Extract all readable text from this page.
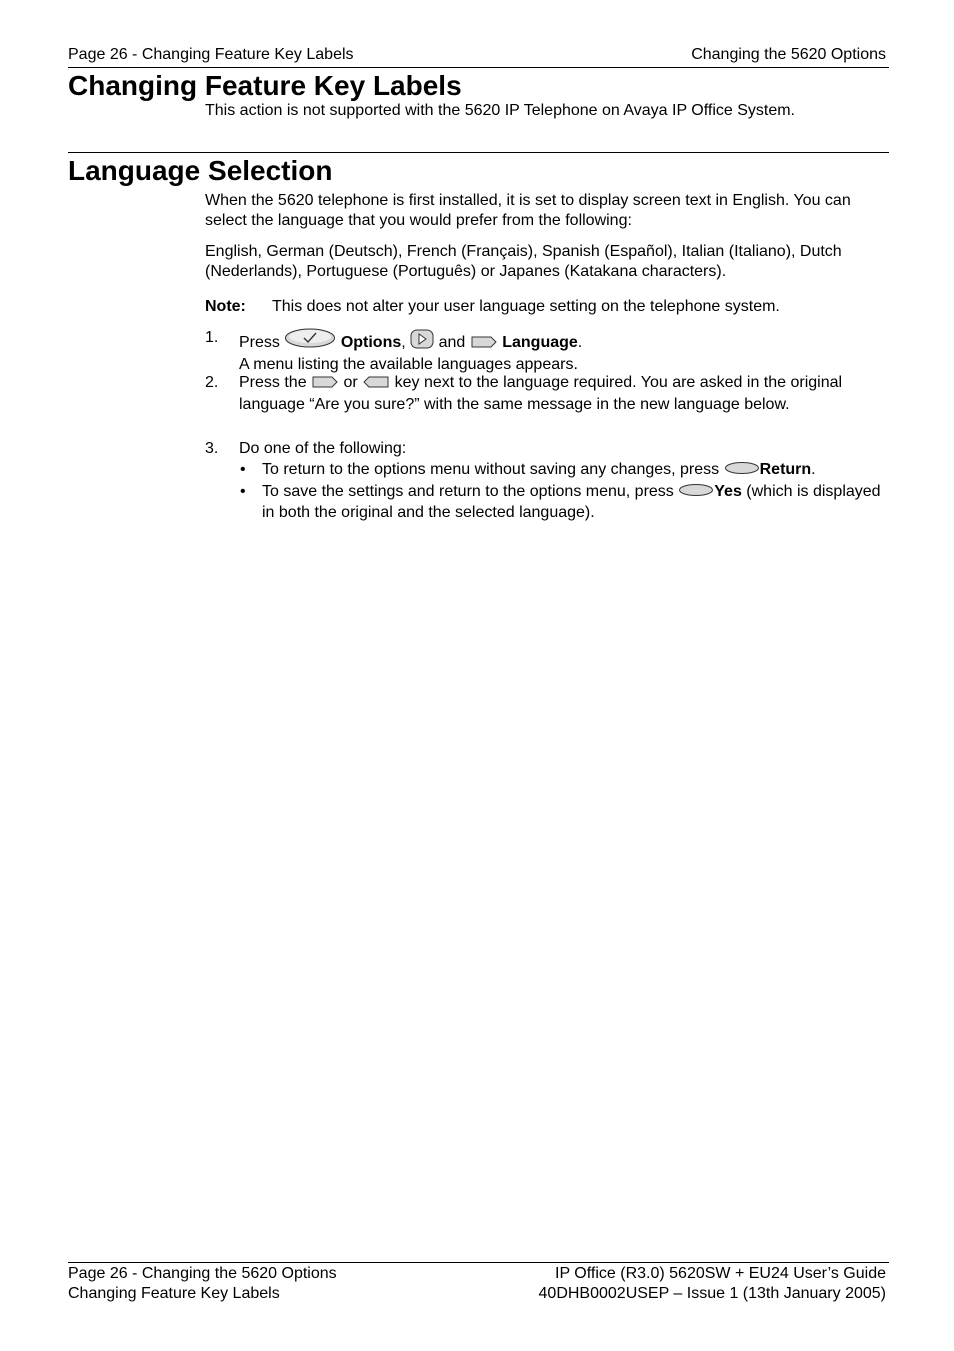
Page 26 - Changing Feature Key Labels	Changing the 5620 Options
Changing Feature Key Labels
This action is not supported with the 5620 IP Telephone on Avaya IP Office System.
Language Selection
When the 5620 telephone is first installed, it is set to display screen text in English. You can select the language that you would prefer from the following:
English, German (Deutsch), French (Français), Spanish (Español), Italian (Italiano), Dutch (Nederlands), Portuguese (Português) or Japanes (Katakana characters).
Note: This does not alter your user language setting on the telephone system.
1. Press	Options, and Language.
A menu listing the available languages appears.
2. Press the or key next to the language required. You are asked in the original language “Are you sure?” with the same message in the new language below.
3. Do one of the following:
• To return to the options menu without saving any changes, press	Return.
• To save the settings and return to the options menu, press	Yes (which is displayed in both the original and the selected language).
Page 26 - Changing the 5620 Options
Changing Feature Key Labels
IP Office (R3.0) 5620SW + EU24 User’s Guide
40DHB0002USEP – Issue 1 (13th January 2005)
